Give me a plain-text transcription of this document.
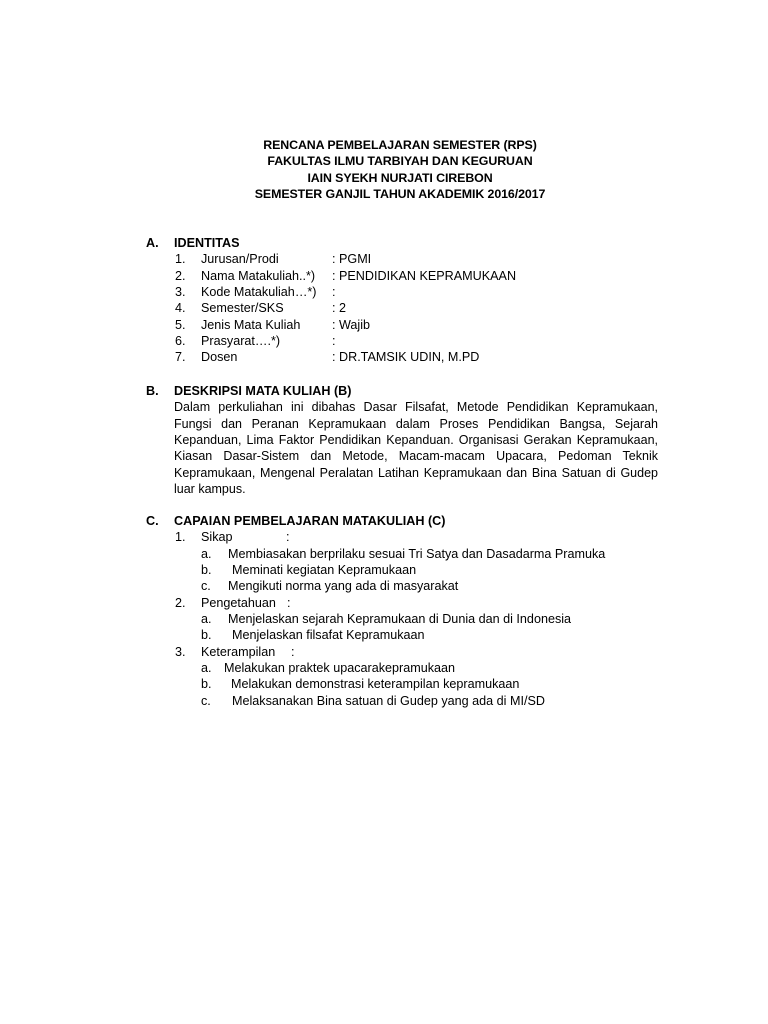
RENCANA PEMBELAJARAN SEMESTER (RPS)
FAKULTAS ILMU TARBIYAH DAN KEGURUAN
IAIN SYEKH NURJATI CIREBON
SEMESTER GANJIL TAHUN AKADEMIK 2016/2017
A. IDENTITAS
1. Jurusan/Prodi	: PGMI
2. Nama Matakuliah..*) : PENDIDIKAN KEPRAMUKAAN
3. Kode Matakuliah…*) :
4. Semester/SKS	: 2
5. Jenis Mata Kuliah	: Wajib
6. Prasyarat….*)	:
7. Dosen	: DR.TAMSIK UDIN, M.PD
B. DESKRIPSI MATA KULIAH (B)
Dalam perkuliahan ini dibahas Dasar Filsafat, Metode Pendidikan Kepramukaan, Fungsi dan Peranan Kepramukaan dalam Proses Pendidikan Bangsa, Sejarah Kepanduan, Lima Faktor Pendidikan Kepanduan. Organisasi Gerakan Kepramukaan, Kiasan Dasar-Sistem dan Metode, Macam-macam Upacara, Pedoman Teknik Kepramukaan, Mengenal Peralatan Latihan Kepramukaan dan Bina Satuan di Gudep luar kampus.
C. CAPAIAN PEMBELAJARAN MATAKULIAH (C)
1. Sikap	:
a. Membiasakan berprilaku sesuai Tri Satya dan Dasadarma Pramuka
b. Meminati kegiatan Kepramukaan
c. Mengikuti norma yang ada di masyarakat
2. Pengetahuan :
a. Menjelaskan sejarah Kepramukaan di Dunia dan di Indonesia
b. Menjelaskan filsafat Kepramukaan
3. Keterampilan :
a. Melakukan praktek upacarakepramukaan
b. Melakukan demonstrasi keterampilan kepramukaan
c. Melaksanakan Bina satuan di Gudep yang ada di MI/SD
